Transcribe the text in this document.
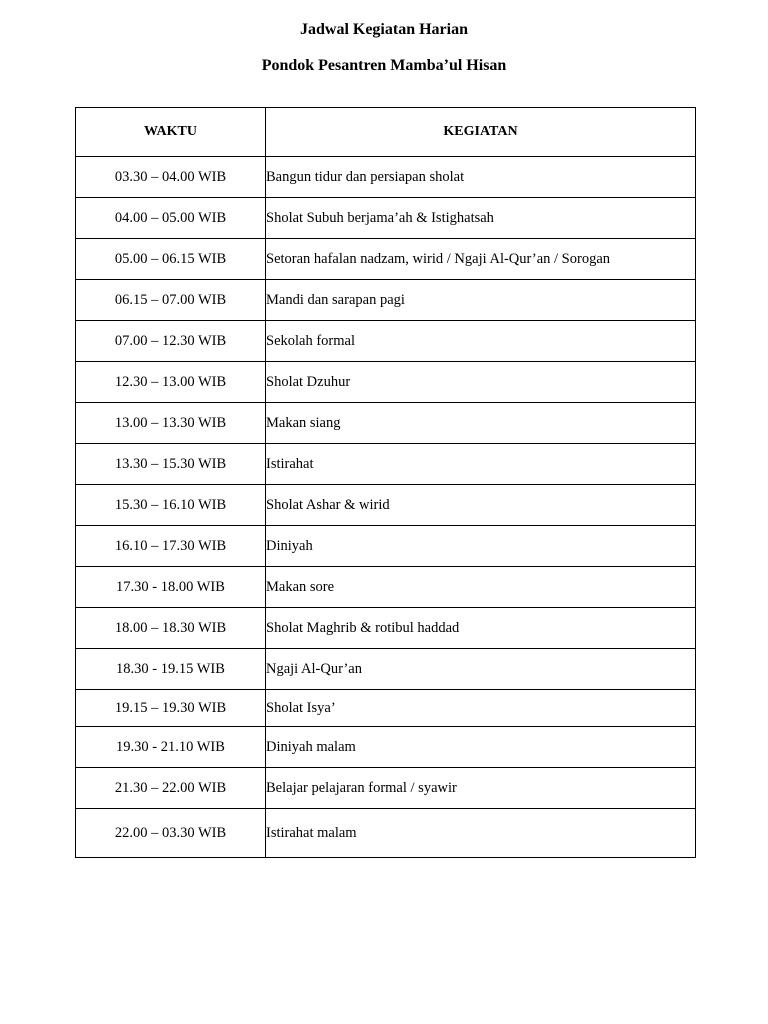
Jadwal Kegiatan Harian
Pondok Pesantren Mamba’ul Hisan
WAKTU	KEGIATAN
03.30 – 04.00 WIB	Bangun tidur dan persiapan sholat
04.00 – 05.00 WIB	Sholat Subuh berjama’ah & Istighatsah
05.00 – 06.15 WIB	Setoran hafalan nadzam, wirid / Ngaji Al-Qur’an / Sorogan
06.15 – 07.00 WIB	Mandi dan sarapan pagi
07.00 – 12.30 WIB	Sekolah formal
12.30 – 13.00 WIB	Sholat Dzuhur
13.00 – 13.30 WIB	Makan siang
13.30 – 15.30 WIB	Istirahat
15.30 – 16.10 WIB	Sholat Ashar & wirid
16.10 – 17.30 WIB	Diniyah
17.30 - 18.00 WIB	Makan sore
18.00 – 18.30 WIB	Sholat Maghrib & rotibul haddad
18.30 - 19.15 WIB	Ngaji Al-Qur’an
19.15 – 19.30 WIB	Sholat Isya’
19.30 - 21.10 WIB	Diniyah malam
21.30 – 22.00 WIB	Belajar pelajaran formal / syawir
22.00 – 03.30 WIB	Istirahat malam
